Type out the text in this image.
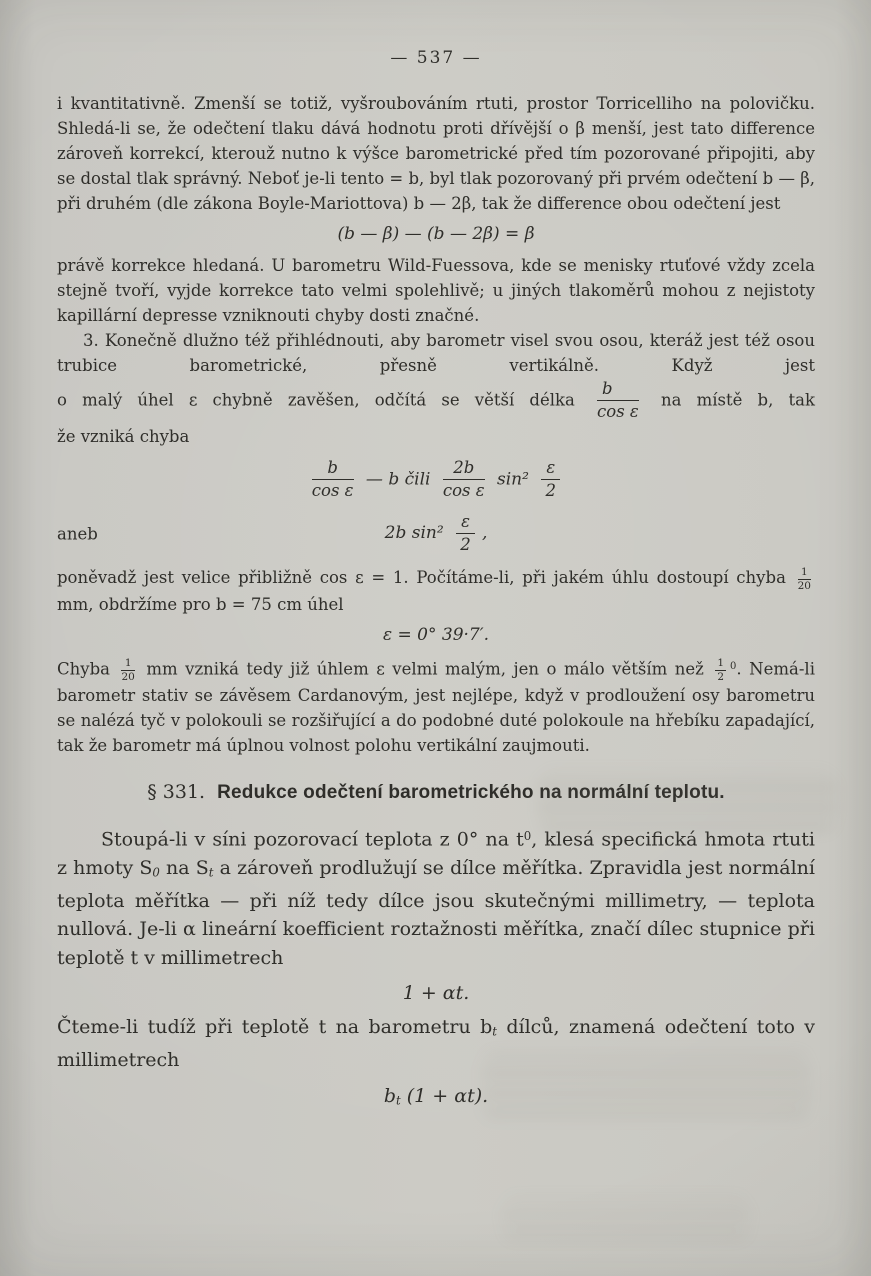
— 537 —

i kvantitativně. Zmenší se totiž, vyšroubováním rtuti, prostor Torricelliho na polovičku. Shledá-li se, že odečtení tlaku dává hodnotu proti dřívější o β menší, jest tato difference zároveň korrekcí, kterouž nutno k výšce barometrické před tím pozorované připojiti, aby se dostal tlak správný. Neboť je-li tento = b, byl tlak pozorovaný při prvém odečtení b — β, při druhém (dle zákona Boyle-Mariottova) b — 2β, tak že difference obou odečtení jest

(b — β) — (b — 2β) = β

právě korrekce hledaná. U barometru Wild-Fuessova, kde se menisky rtuťové vždy zcela stejně tvoří, vyjde korrekce tato velmi spolehlivě; u jiných tlakoměrů mohou z nejistoty kapillární depresse vzniknouti chyby dosti značné.

3. Konečně dlužno též přihlédnouti, aby barometr visel svou osou, kteráž jest též osou trubice barometrické, přesně vertikálně. Když jest

o malý úhel ε chybně zavěšen, odčítá se větší délka $\frac{b}{\text{cos ε}}$ na místě b, tak

že vzniká chyba

$\frac{b}{\text{cos ε}}$ — b čili $\frac{2b}{\text{cos ε}} \sin^2 \frac{\varepsilon}{2}$
aneb	2b $\sin^2 \frac{\varepsilon}{2}$ ,

poněvadž jest velice přibližně cos ε = 1. Počítáme-li, při jakém úhlu dostoupí chyba $\frac{1}{20}$
mm, obdržíme pro b = 75 cm úhel

ε = 0° 39·7′.

Chyba $\frac{1}{20}$ mm vzniká tedy již úhlem ε velmi malým, jen o málo větším než $\frac{1}{2} ^0$. Nemá-li barometr stativ se závěsem Cardanovým, jest nejlépe, když v prodloužení osy barometru se nalézá tyč v polokouli se rozšiřující a do podobné duté polokoule na hřebíku zapadající, tak že barometr má úplnou volnost polohu vertikální zaujmouti.

§ 331. Redukce odečtení barometrického na normální teplotu.

Stoupá-li v síni pozorovací teplota z 0° na $t^0$, klesá specifická hmota rtuti z hmoty $S_0$ na $S_t$ a zároveň prodlužují se dílce měřítka. Zpravidla jest normální teplota měřítka — při níž tedy dílce jsou skutečnými millimetry, — teplota nullová. Je-li α lineární koefficient roztažnosti měřítka, značí dílec stupnice při teplotě t v millimetrech

1 + αt.

Čteme-li tudíž při teplotě t na barometru $b_t$ dílců, znamená odečtení toto v millimetrech

$b_t$ (1 + αt).
